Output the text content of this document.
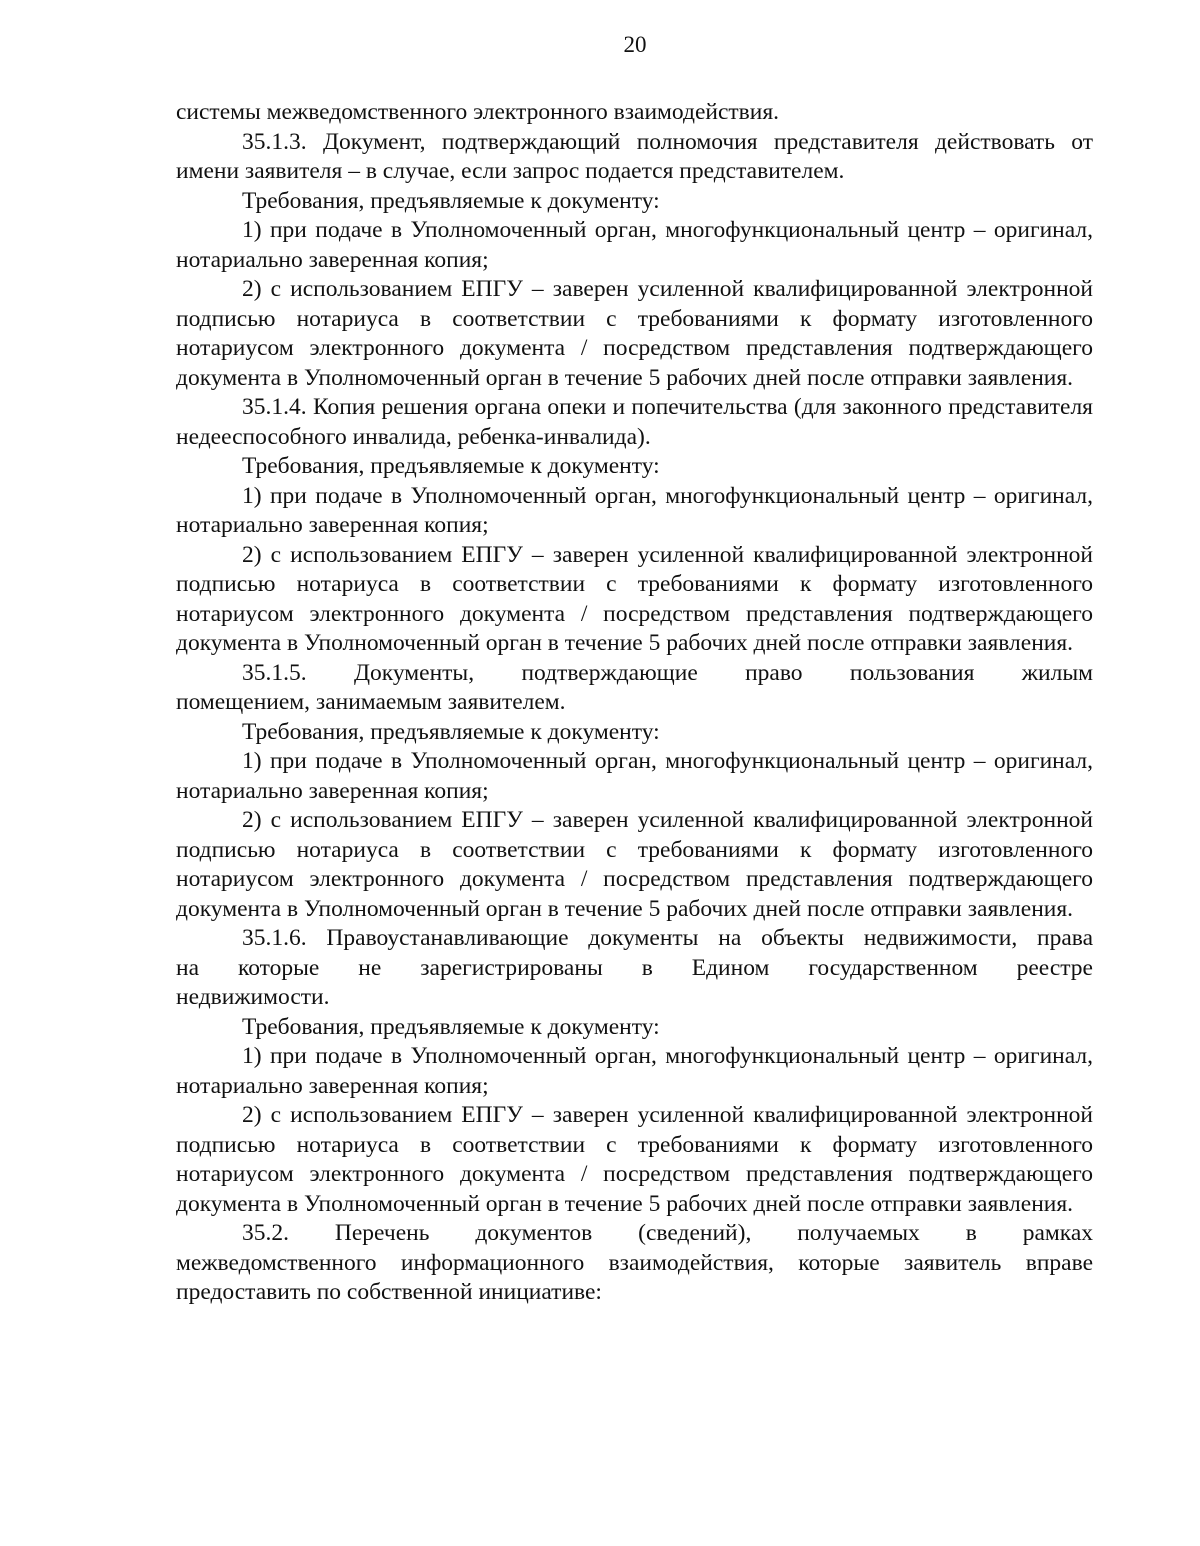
20

системы межведомственного электронного взаимодействия.

35.1.3. Документ, подтверждающий полномочия представителя действовать от имени заявителя – в случае, если запрос подается представителем.

Требования, предъявляемые к документу:

1) при подаче в Уполномоченный орган, многофункциональный центр – оригинал, нотариально заверенная копия;

2) с использованием ЕПГУ – заверен усиленной квалифицированной электронной подписью нотариуса в соответствии с требованиями к формату изготовленного нотариусом электронного документа / посредством представления подтверждающего документа в Уполномоченный орган в течение 5 рабочих дней после отправки заявления.

35.1.4. Копия решения органа опеки и попечительства (для законного представителя недееспособного инвалида, ребенка-инвалида).

Требования, предъявляемые к документу:

1) при подаче в Уполномоченный орган, многофункциональный центр – оригинал, нотариально заверенная копия;

2) с использованием ЕПГУ – заверен усиленной квалифицированной электронной подписью нотариуса в соответствии с требованиями к формату изготовленного нотариусом электронного документа / посредством представления подтверждающего документа в Уполномоченный орган в течение 5 рабочих дней после отправки заявления.

35.1.5. Документы, подтверждающие право пользования жилым

помещением, занимаемым заявителем.

Требования, предъявляемые к документу:

1) при подаче в Уполномоченный орган, многофункциональный центр – оригинал, нотариально заверенная копия;

2) с использованием ЕПГУ – заверен усиленной квалифицированной электронной подписью нотариуса в соответствии с требованиями к формату изготовленного нотариусом электронного документа / посредством представления подтверждающего документа в Уполномоченный орган в течение 5 рабочих дней после отправки заявления.

35.1.6. Правоустанавливающие документы на объекты недвижимости, права

на которые не зарегистрированы в Едином государственном реестре

недвижимости.

Требования, предъявляемые к документу:

1) при подаче в Уполномоченный орган, многофункциональный центр – оригинал, нотариально заверенная копия;

2) с использованием ЕПГУ – заверен усиленной квалифицированной электронной подписью нотариуса в соответствии с требованиями к формату изготовленного нотариусом электронного документа / посредством представления подтверждающего документа в Уполномоченный орган в течение 5 рабочих дней после отправки заявления.

35.2. Перечень документов (сведений), получаемых в рамках

межведомственного информационного взаимодействия, которые заявитель вправе предоставить по собственной инициативе:
